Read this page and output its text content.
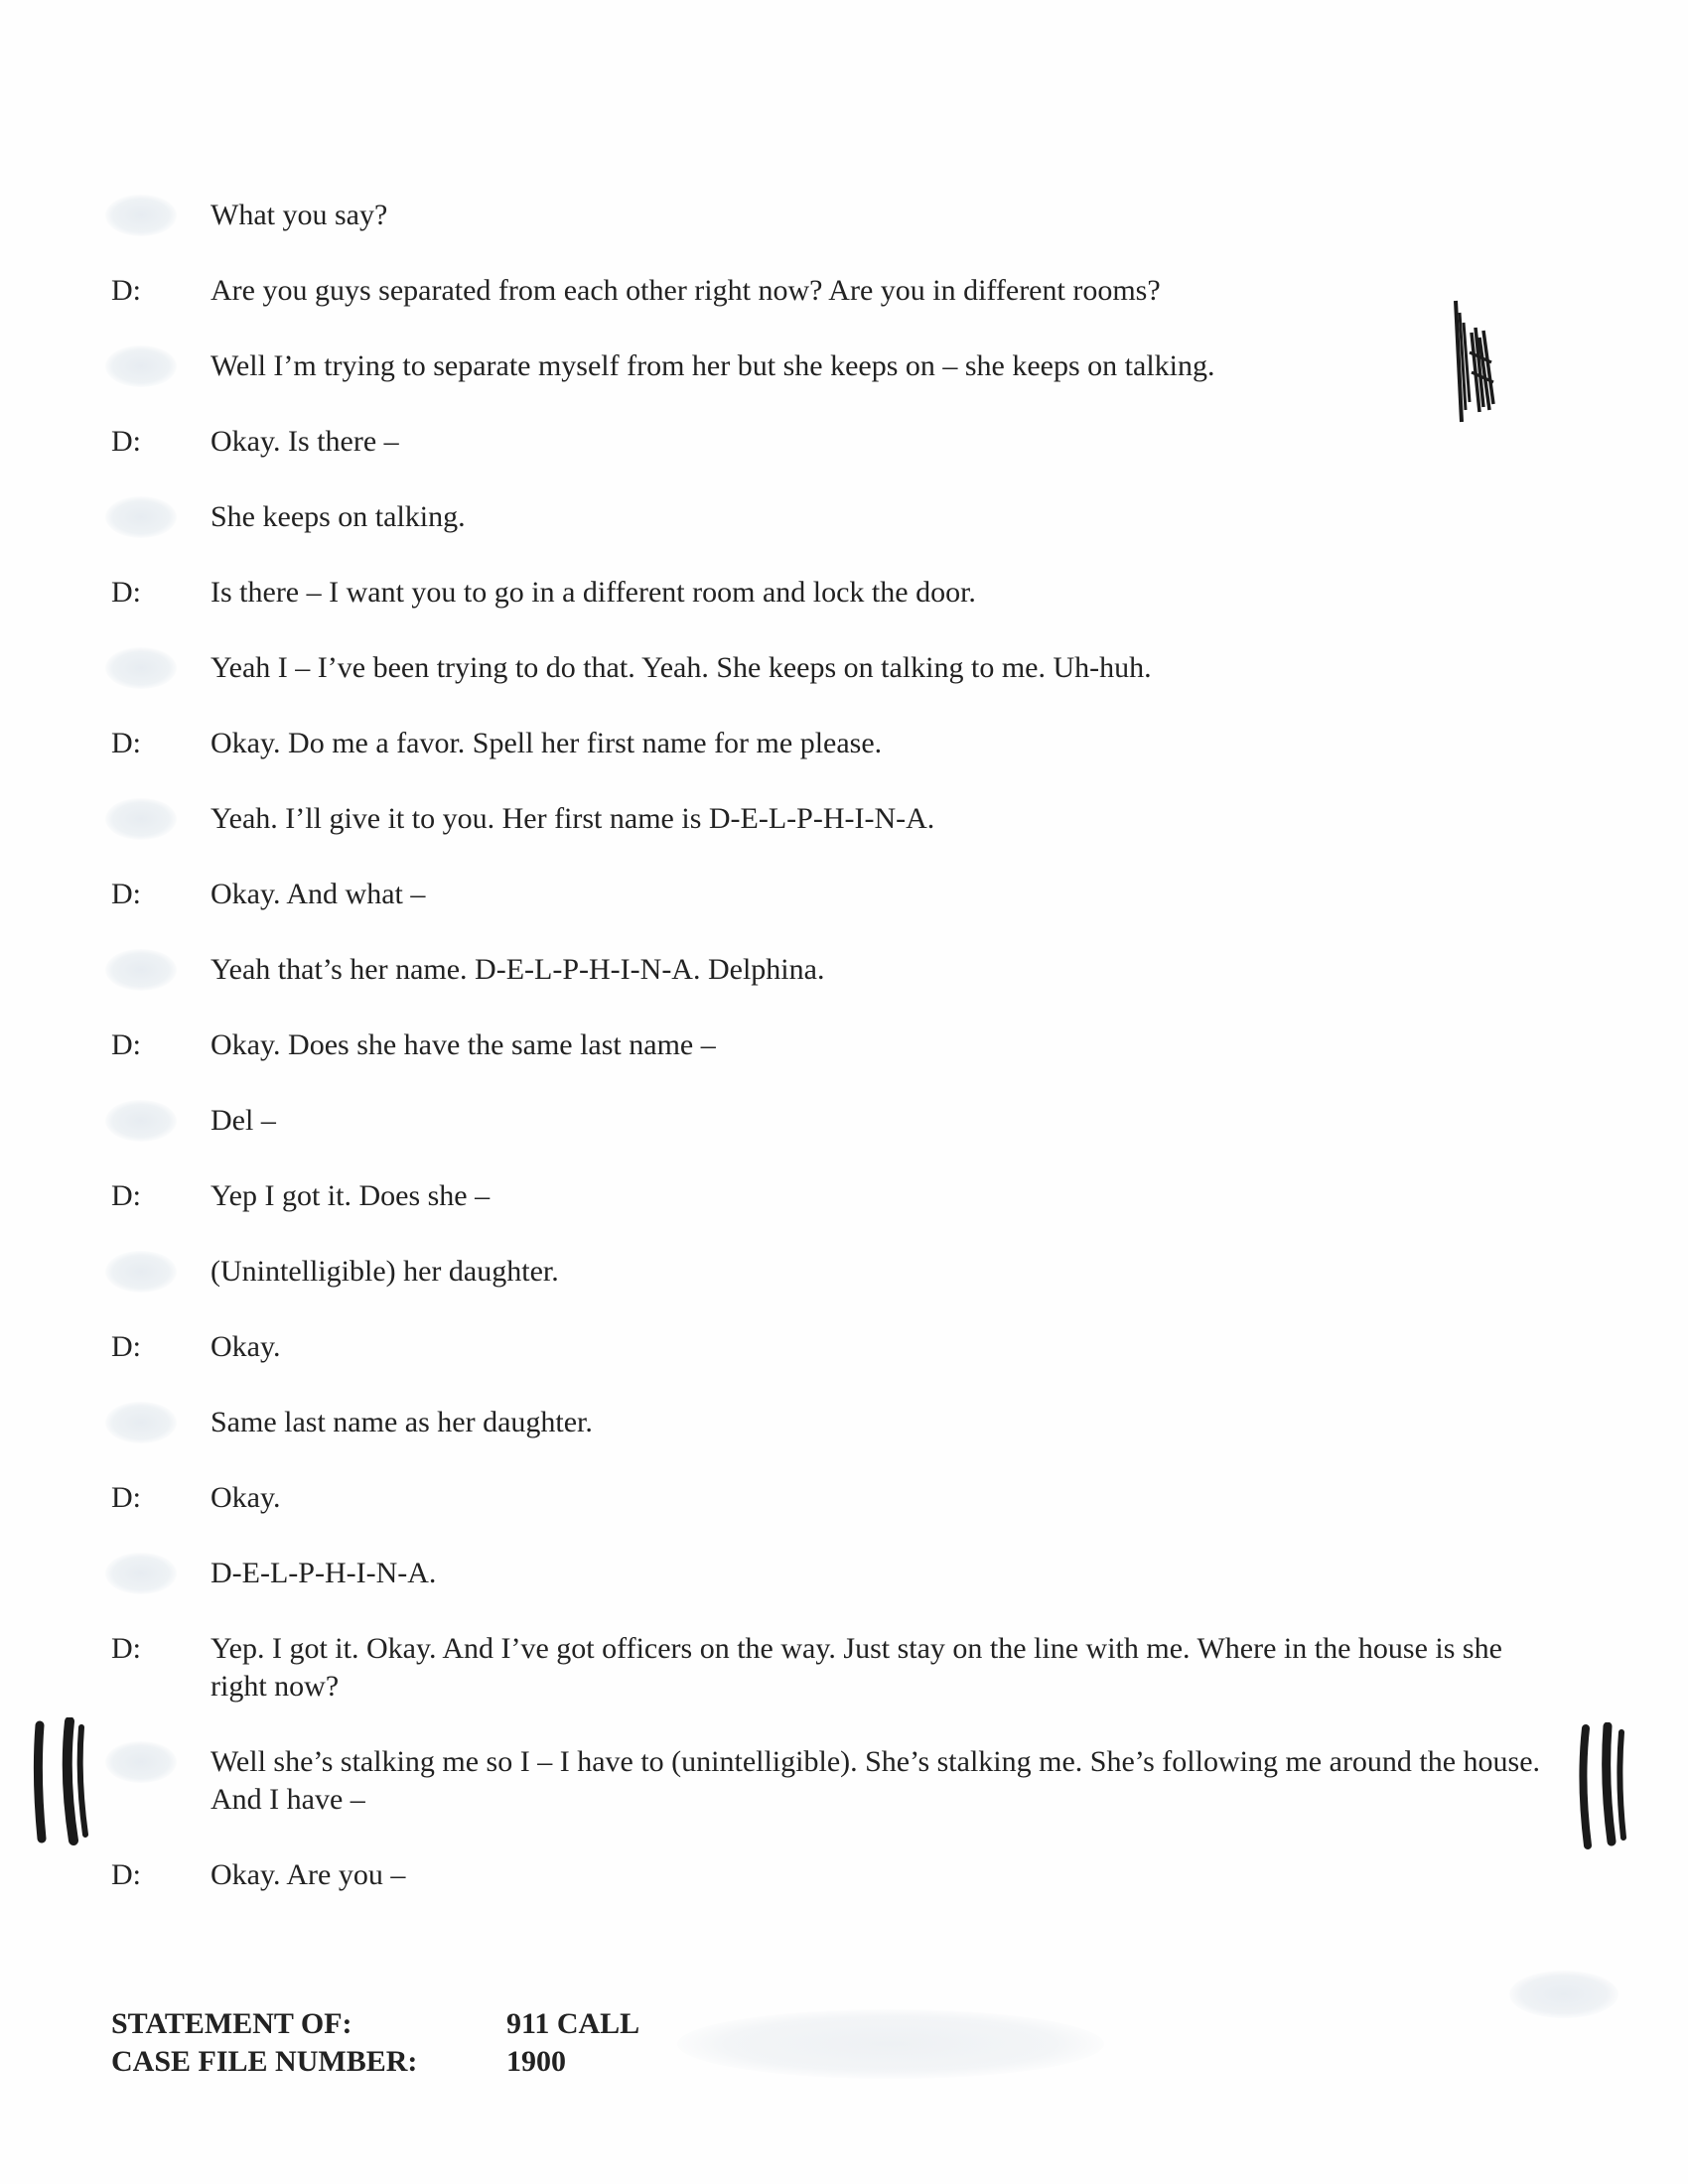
What you say?
D: Are you guys separated from each other right now? Are you in different rooms?
Well I’m trying to separate myself from her but she keeps on – she keeps on talking.
D: Okay. Is there –
She keeps on talking.
D: Is there – I want you to go in a different room and lock the door.
Yeah I – I’ve been trying to do that. Yeah. She keeps on talking to me. Uh-huh.
D: Okay. Do me a favor. Spell her first name for me please.
Yeah. I’ll give it to you. Her first name is D-E-L-P-H-I-N-A.
D: Okay. And what –
Yeah that’s her name. D-E-L-P-H-I-N-A. Delphina.
D: Okay. Does she have the same last name –
Del –
D: Yep I got it. Does she –
(Unintelligible) her daughter.
D: Okay.
Same last name as her daughter.
D: Okay.
D-E-L-P-H-I-N-A.
D: Yep. I got it. Okay. And I’ve got officers on the way. Just stay on the line with me. Where in the house is she right now?
Well she’s stalking me so I – I have to (unintelligible). She’s stalking me. She’s following me around the house. And I have –
D: Okay. Are you –
STATEMENT OF:	911 CALL
CASE FILE NUMBER:	1900
